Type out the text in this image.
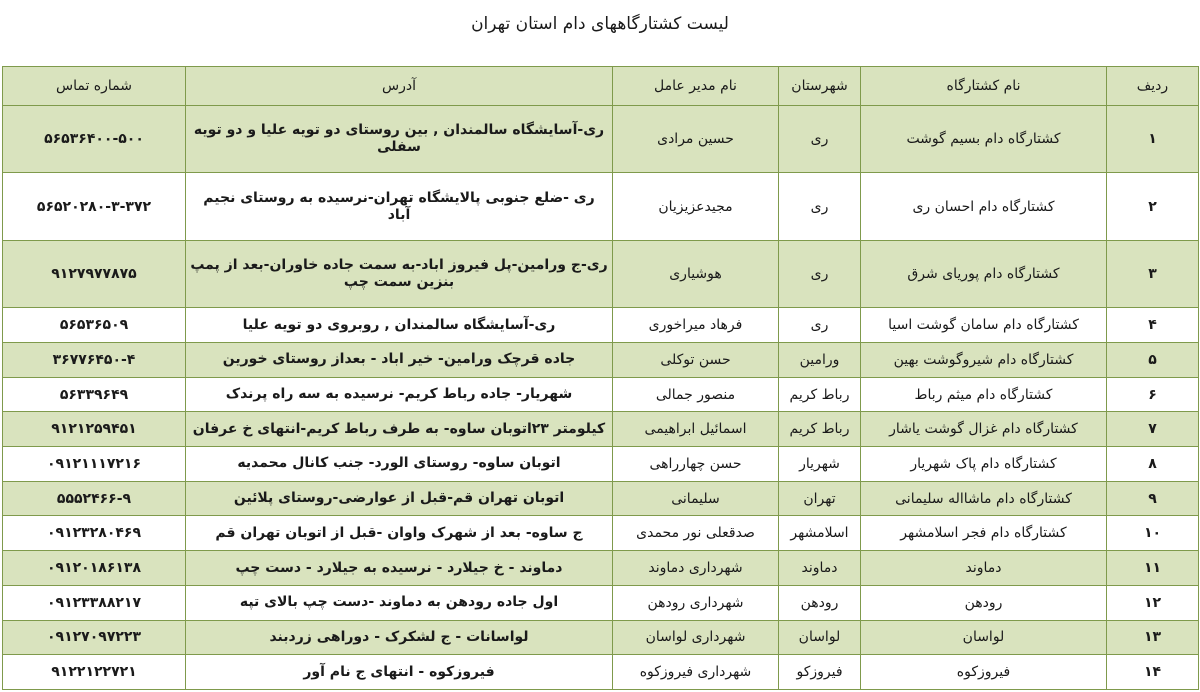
لیست کشتارگاههای دام استان تهران
ردیف	نام کشتارگاه	شهرستان	نام مدیر عامل	آدرس	شماره تماس
۱	کشتارگاه دام بسیم گوشت	ری	حسین مرادی	ری-آسایشگاه سالمندان , بین روستای دو تویه علیا و دو تویه سفلی	۵۶۵۳۶۴۰۰-۵۰۰
۲	کشتارگاه دام احسان ری	ری	مجیدعزیزیان	ری -ضلع جنوبی پالایشگاه تهران-نرسیده به روستای نجیم آباد	۵۶۵۲۰۲۸۰-۳-۳۷۲
۳	کشتارگاه دام پوریای شرق	ری	هوشیاری	ری-ج ورامین-پل فیروز اباد-به سمت جاده خاوران-بعد از پمپ بنزین سمت چپ	۹۱۲۷۹۷۷۸۷۵
۴	کشتارگاه دام سامان گوشت اسیا	ری	فرهاد میراخوری	ری-آسایشگاه سالمندان , روبروی دو تویه علیا	۵۶۵۳۶۵۰۹
۵	کشتارگاه دام شیروگوشت بهین	ورامین	حسن توکلی	جاده قرچک ورامین- خیر اباد - بعداز روستای خورین	۳۶۷۷۶۴۵۰-۴
۶	کشتارگاه دام میثم رباط	رباط کریم	منصور جمالی	شهریار- جاده رباط کریم- نرسیده به سه راه پرندک	۵۶۳۳۹۶۴۹
۷	کشتارگاه دام غزال گوشت یاشار	رباط کریم	اسمائیل ابراهیمی	کیلومتر ۲۳اتوبان ساوه- به طرف رباط کریم-انتهای خ عرفان	۹۱۲۱۲۵۹۴۵۱
۸	کشتارگاه دام پاک شهریار	شهریار	حسن چهارراهی	اتوبان ساوه- روستای الورد- جنب کانال محمدیه	۰۹۱۲۱۱۱۷۲۱۶
۹	کشتارگاه دام ماشااله سلیمانی	تهران	سلیمانی	اتوبان تهران قم-قبل از عوارضی-روستای پلائین	۵۵۵۲۴۶۶-۹
۱۰	کشتارگاه دام فجر اسلامشهر	اسلامشهر	صدقعلی نور محمدی	ج ساوه- بعد از شهرک واوان -قبل از اتوبان تهران قم	۰۹۱۲۳۲۸۰۴۶۹
۱۱	دماوند	دماوند	شهرداری دماوند	دماوند - خ جیلارد - نرسیده به جیلارد - دست چپ	۰۹۱۲۰۱۸۶۱۳۸
۱۲	رودهن	رودهن	شهرداری رودهن	اول جاده رودهن به دماوند -دست چپ بالای تپه	۰۹۱۲۳۳۸۸۲۱۷
۱۳	لواسان	لواسان	شهرداری لواسان	لواسانات - ج لشکرک - دوراهی زردبند	۰۹۱۲۷۰۹۷۲۲۳
۱۴	فیروزکوه	فیروزکو	شهرداری فیروزکوه	فیروزکوه - انتهای ج نام آور	۹۱۲۲۱۲۲۷۲۱
